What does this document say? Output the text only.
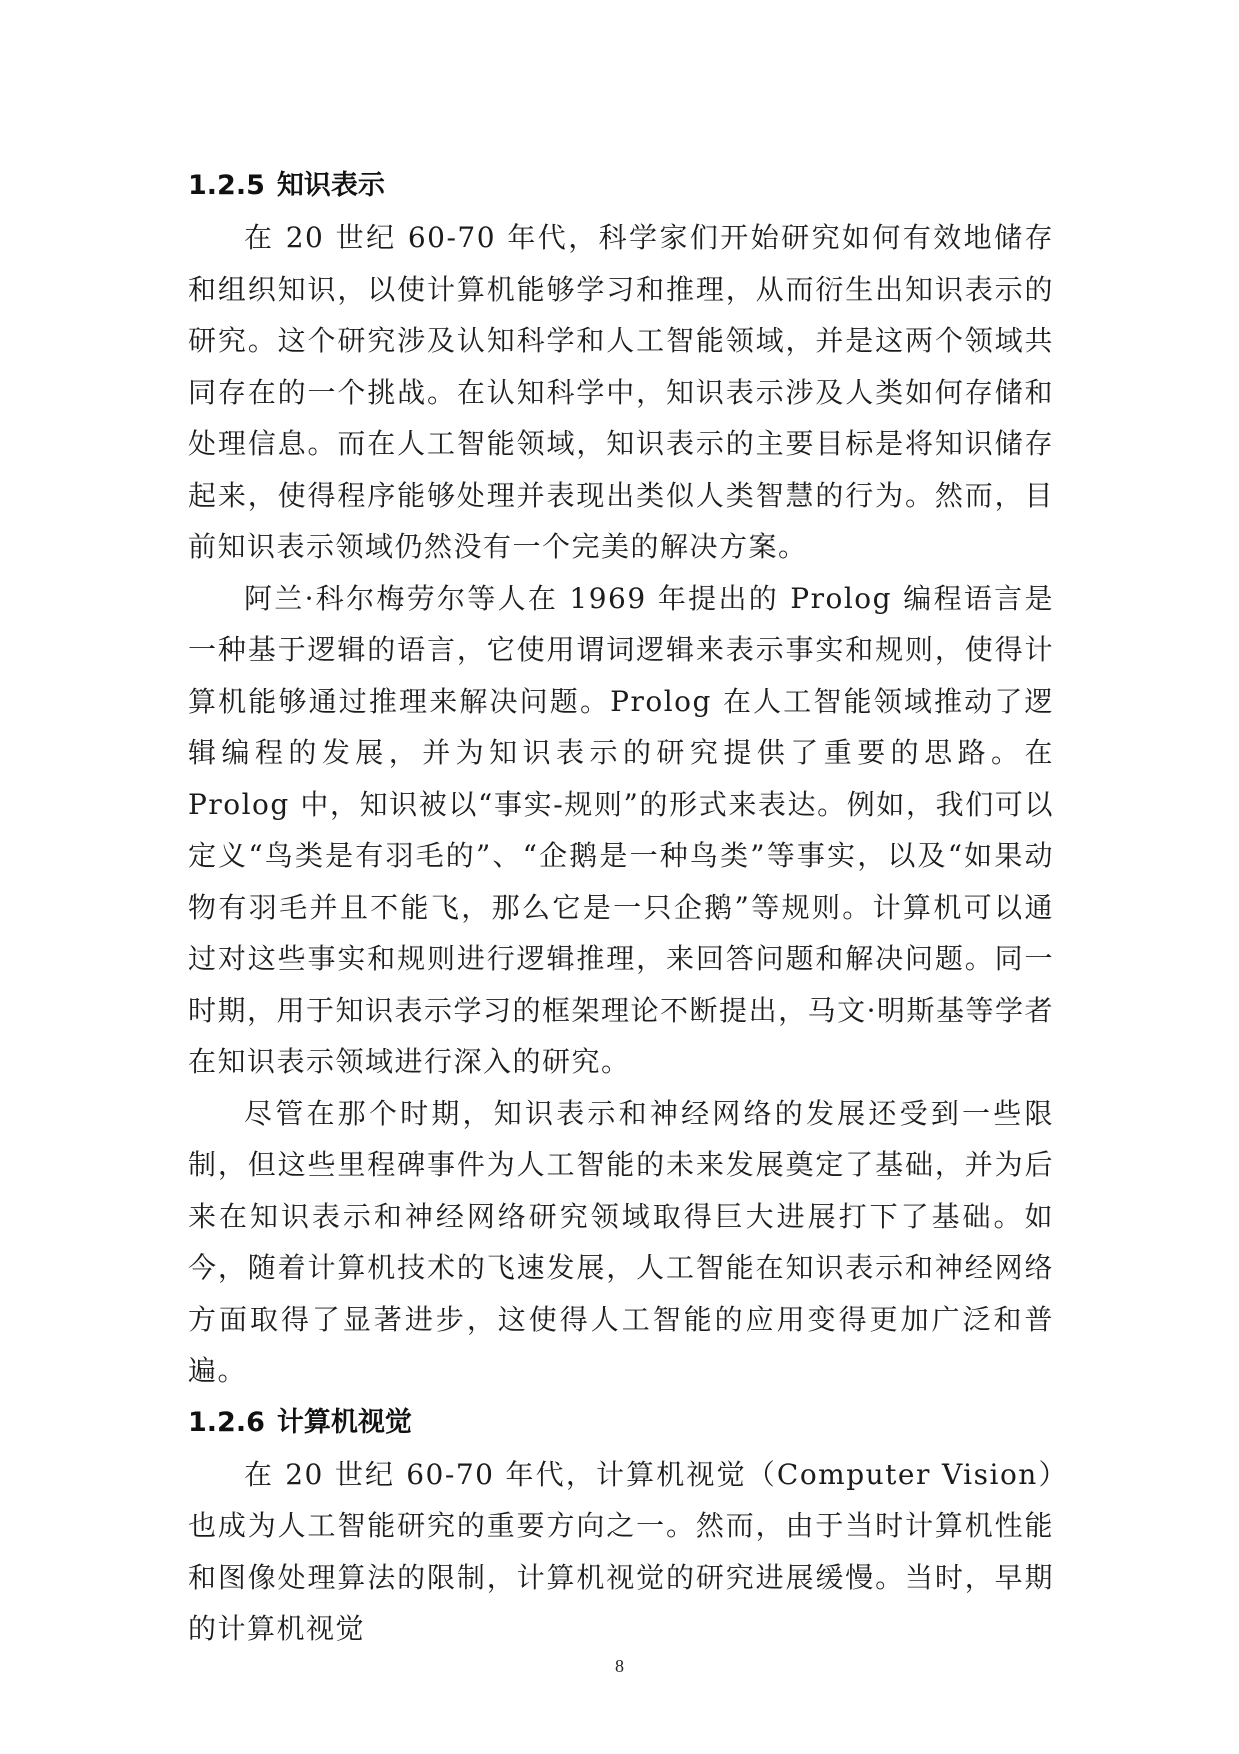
1.2.5 知识表示

在 20 世纪 60-70 年代，科学家们开始研究如何有效地储存和组织知识，以使计算机能够学习和推理，从而衍生出知识表示的研究。这个研究涉及认知科学和人工智能领域，并是这两个领域共同存在的一个挑战。在认知科学中，知识表示涉及人类如何存储和处理信息。而在人工智能领域，知识表示的主要目标是将知识储存起来，使得程序能够处理并表现出类似人类智慧的行为。然而，目前知识表示领域仍然没有一个完美的解决方案。

阿兰·科尔梅劳尔等人在 1969 年提出的 Prolog 编程语言是一种基于逻辑的语言，它使用谓词逻辑来表示事实和规则，使得计算机能够通过推理来解决问题。Prolog 在人工智能领域推动了逻辑编程的发展，并为知识表示的研究提供了重要的思路。在 Prolog 中，知识被以“事实-规则”的形式来表达。例如，我们可以定义“鸟类是有羽毛的”、“企鹅是一种鸟类”等事实，以及“如果动物有羽毛并且不能飞，那么它是一只企鹅”等规则。计算机可以通过对这些事实和规则进行逻辑推理，来回答问题和解决问题。同一时期，用于知识表示学习的框架理论不断提出，马文·明斯基等学者在知识表示领域进行深入的研究。

尽管在那个时期，知识表示和神经网络的发展还受到一些限制，但这些里程碑事件为人工智能的未来发展奠定了基础，并为后来在知识表示和神经网络研究领域取得巨大进展打下了基础。如今，随着计算机技术的飞速发展，人工智能在知识表示和神经网络方面取得了显著进步，这使得人工智能的应用变得更加广泛和普遍。

1.2.6 计算机视觉

在 20 世纪 60-70 年代，计算机视觉（Computer Vision）也成为人工智能研究的重要方向之一。然而，由于当时计算机性能和图像处理算法的限制，计算机视觉的研究进展缓慢。当时，早期的计算机视觉

8
